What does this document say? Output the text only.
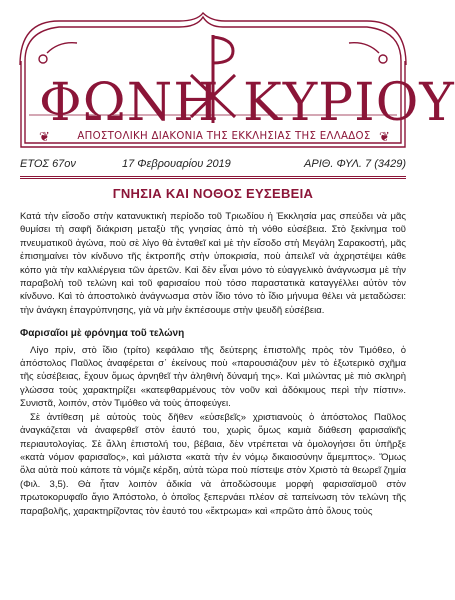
ΦΩΝΗ ΚΥΡΙΟΥ
❦	ΑΠΟΣΤΟΛΙΚΗ ΔΙΑΚΟΝΙΑ ΤΗΣ ΕΚΚΛΗΣΙΑΣ ΤΗΣ ΕΛΛΑΔΟΣ ❦
ΕΤΟΣ 67ον	17 Φεβρουαρίου 2019	ΑΡΙΘ. ΦΥΛ. 7 (3429)
ΓΝΗΣΙΑ ΚΑΙ ΝΟΘΟΣ ΕΥΣΕΒΕΙΑ

Κατά τὴν εἴσοδο στὴν κατανυκτικὴ περίοδο τοῦ Τριωδίου ἡ Ἐκκλησία μας σπεύδει νὰ μᾶς θυμίσει τὴ σαφῆ διάκριση μεταξὺ τῆς γνησίας ἀπὸ τὴ νόθο εὐσέβεια. Στὸ ξεκίνημα τοῦ πνευματικοῦ ἀγώνα, ποὺ σὲ λίγο θὰ ἐνταθεῖ καὶ μὲ τὴν εἴσοδο στὴ Μεγάλη Σαρακοστή, μᾶς ἐπισημαίνει τὸν κίνδυνο τῆς ἐκτροπῆς στὴν ὑποκρισία, ποὺ ἀπειλεῖ νὰ ἀχρηστέψει κάθε κόπο γιὰ τὴν καλλιέργεια τῶν ἀρετῶν. Καὶ δὲν εἶναι μόνο τὸ εὐαγγελικὸ ἀνάγνωσμα μὲ τὴν παραβολὴ τοῦ τελώνη καὶ τοῦ φαρισαίου ποὺ τόσο παραστατικὰ καταγγέλλει αὐτὸν τὸν κίνδυνο. Καὶ τὸ ἀποστολικὸ ἀνάγνωσμα στὸν ἴδιο τόνο τὸ ἴδιο μήνυμα θέλει νὰ μεταδώσει: τὴν ἀνάγκη ἐπαγρύπνησης, γιὰ νὰ μὴν ἐκπέσουμε στὴν ψευδῆ εὐσέβεια.

Φαρισαῖοι μὲ φρόνημα τοῦ τελώνη

Λίγο πρίν, στὸ ἴδιο (τρίτο) κεφάλαιο τῆς δεύτερης ἐπιστολῆς πρὸς τὸν Τιμόθεο, ὁ ἀπόστολος Παῦλος ἀναφέρεται σ᾽ ἐκείνους ποὺ «παρουσιάζουν μὲν τὸ ἐξωτερικὸ σχῆμα τῆς εὐσέβειας, ἔχουν ὅμως ἀρνηθεῖ τὴν ἀληθινὴ δύναμή της». Καὶ μιλώντας μὲ πιὸ σκληρὴ γλώσσα τοὺς χαρακτηρίζει «κατεφθαρμένους τὸν νοῦν καὶ ἀδόκιμους περὶ τὴν πίστιν». Συνιστᾶ, λοιπόν, στὸν Τιμόθεο νὰ τοὺς ἀποφεύγει.

Σὲ ἀντίθεση μὲ αὐτοὺς τοὺς δῆθεν «εὐσεβεῖς» χριστιανοὺς ὁ ἀπόστολος Παῦλος ἀναγκάζεται νὰ ἀναφερθεῖ στὸν ἑαυτό του, χωρὶς ὅμως καμιὰ διάθεση φαρισαϊκῆς περιαυτολογίας. Σὲ ἄλλη ἐπιστολή του, βέβαια, δὲν ντρέπεται νὰ ὁμολογήσει ὅτι ὑπῆρξε «κατὰ νόμον φαρισαῖος», καὶ μάλιστα «κατὰ τὴν ἐν νόμῳ δικαιοσύνην ἄμεμπτος». Ὅμως ὅλα αὐτὰ ποὺ κάποτε τὰ νόμιζε κέρδη, αὐτὰ τώρα ποὺ πίστεψε στὸν Χριστὸ τὰ θεωρεῖ ζημία (Φιλ. 3,5). Θὰ ἦταν λοιπὸν ἀδικία νὰ ἀποδώσουμε μορφὴ φαρισαϊσμοῦ στὸν πρωτοκορυφαῖο ἅγιο Ἀπόστολο, ὁ ὁποῖος ξεπερνάει πλέον σὲ ταπείνωση τὸν τελώνη τῆς παραβολῆς, χαρακτηρίζοντας τὸν ἑαυτό του «ἔκτρωμα» καὶ «πρῶτο ἀπὸ ὅλους τοὺς
